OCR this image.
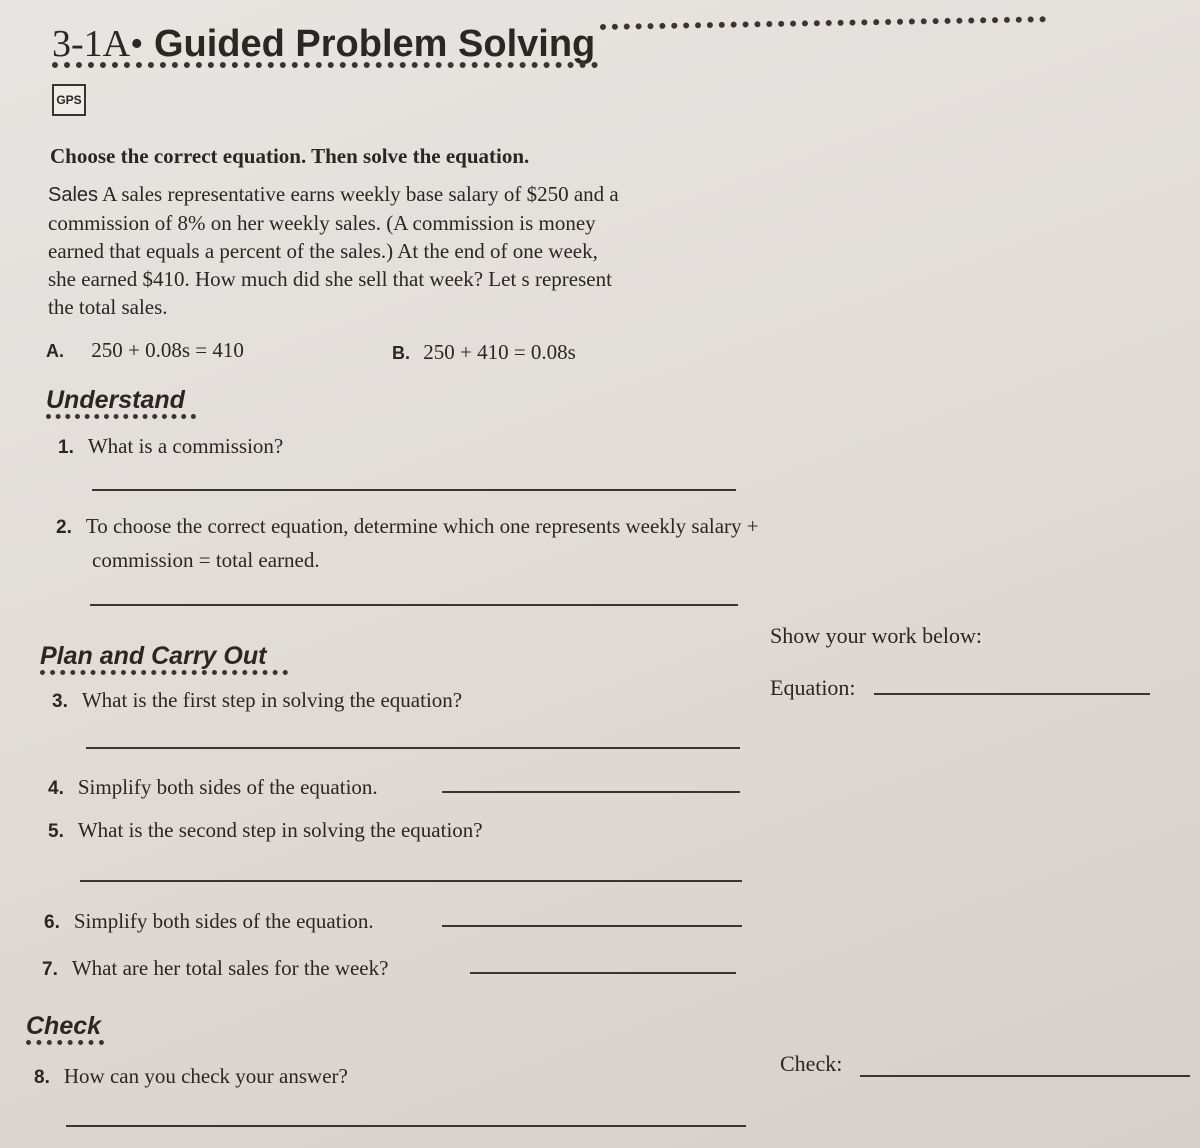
3-1A• Guided Problem Solving
GPS
Choose the correct equation. Then solve the equation.
Sales A sales representative earns weekly base salary of $250 and a
commission of 8% on her weekly sales. (A commission is money
earned that equals a percent of the sales.) At the end of one week,
she earned $410. How much did she sell that week? Let s represent
the total sales.
A. 250 + 0.08s = 410	B. 250 + 410 = 0.08s
Understand
1. What is a commission?
2. To choose the correct equation, determine which one represents weekly salary +
commission = total earned.
Show your work below:
Equation:
Plan and Carry Out
3. What is the first step in solving the equation?
4. Simplify both sides of the equation.
5. What is the second step in solving the equation?
6. Simplify both sides of the equation.
7. What are her total sales for the week?
Check
Check:
8. How can you check your answer?
